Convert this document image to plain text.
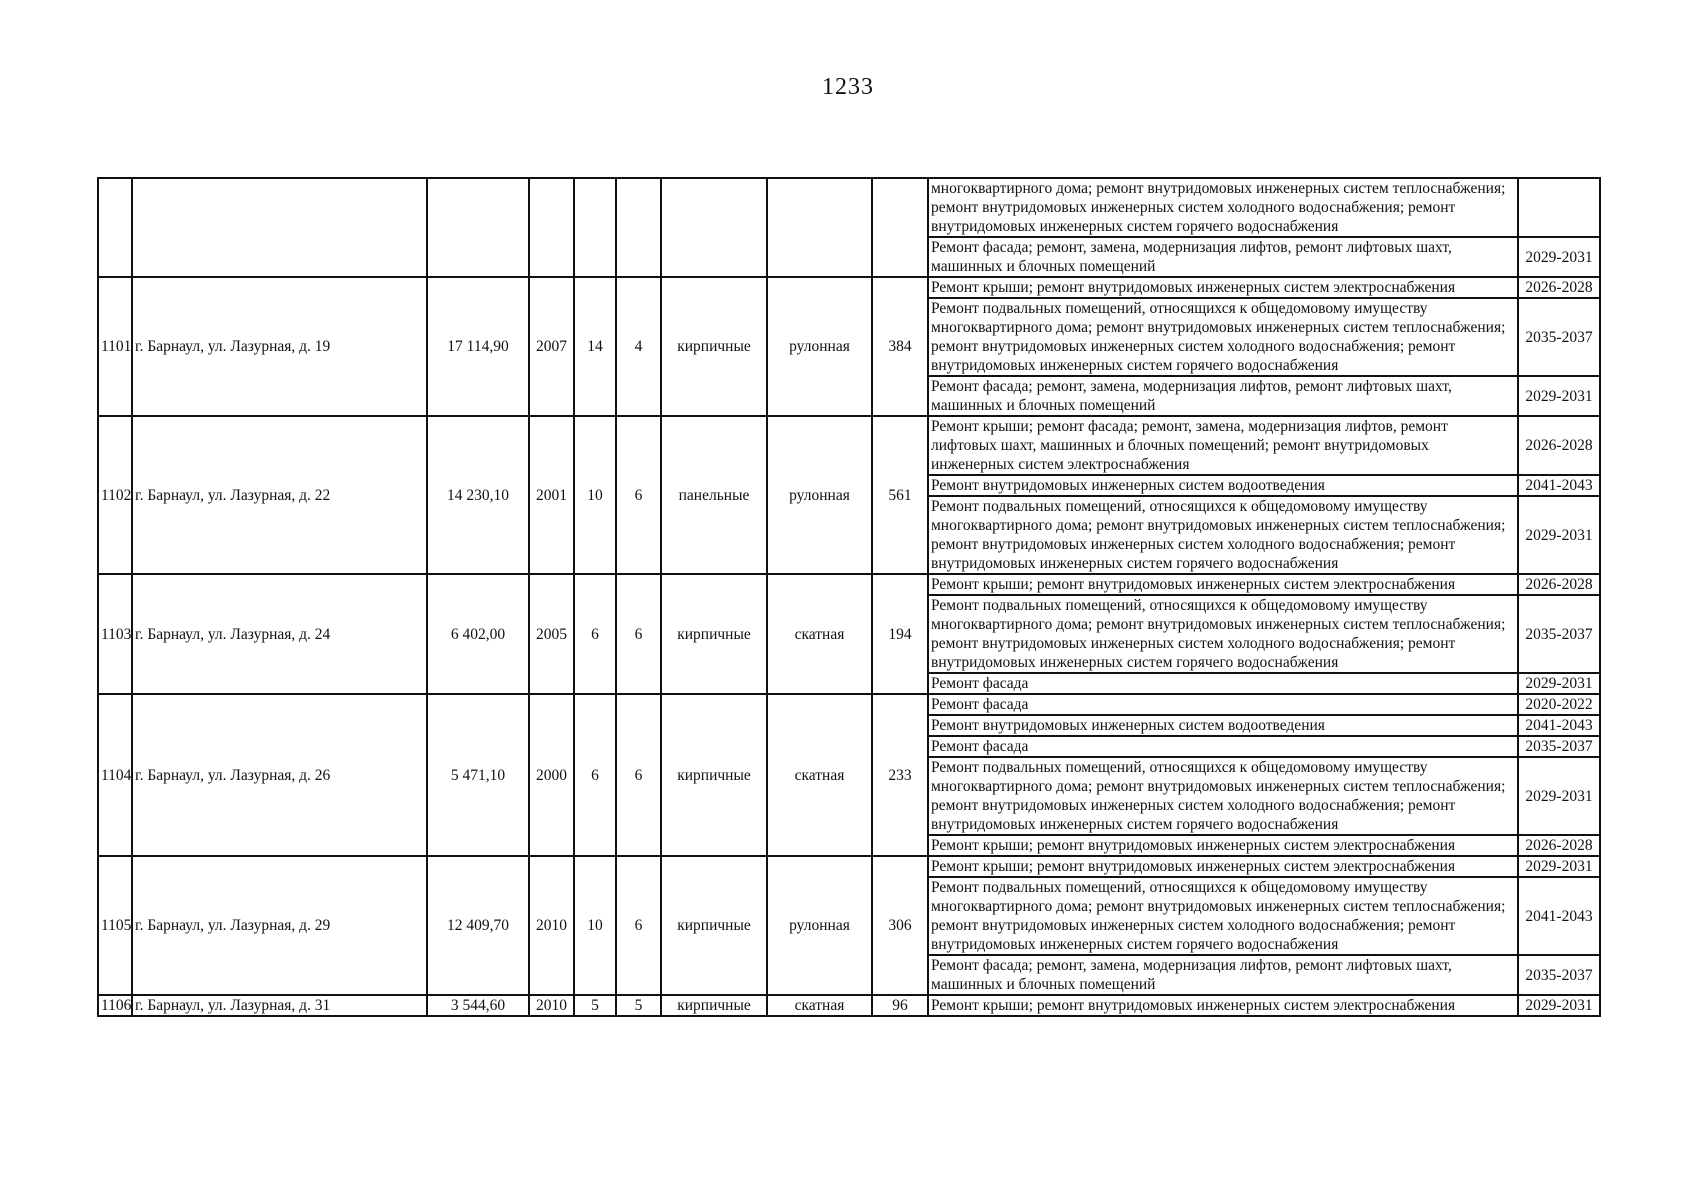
1233
									многоквартирного дома; ремонт внутридомовых инженерных систем теплоснабжения; ремонт внутридомовых инженерных систем холодного водоснабжения; ремонт внутридомовых инженерных систем горячего водоснабжения	
									Ремонт фасада; ремонт, замена, модернизация лифтов, ремонт лифтовых шахт, машинных и блочных помещений	2029-2031
1101	г. Барнаул, ул. Лазурная, д. 19	17 114,90	2007	14	4	кирпичные	рулонная	384	Ремонт крыши; ремонт внутридомовых инженерных систем электроснабжения	2026-2028
									Ремонт подвальных помещений, относящихся к общедомовому имуществу многоквартирного дома; ремонт внутридомовых инженерных систем теплоснабжения; ремонт внутридомовых инженерных систем холодного водоснабжения; ремонт внутридомовых инженерных систем горячего водоснабжения	2035-2037
									Ремонт фасада; ремонт, замена, модернизация лифтов, ремонт лифтовых шахт, машинных и блочных помещений	2029-2031
1102	г. Барнаул, ул. Лазурная, д. 22	14 230,10	2001	10	6	панельные	рулонная	561	Ремонт крыши; ремонт фасада; ремонт, замена, модернизация лифтов, ремонт лифтовых шахт, машинных и блочных помещений; ремонт внутридомовых инженерных систем электроснабжения	2026-2028
									Ремонт внутридомовых инженерных систем водоотведения	2041-2043
									Ремонт подвальных помещений, относящихся к общедомовому имуществу многоквартирного дома; ремонт внутридомовых инженерных систем теплоснабжения; ремонт внутридомовых инженерных систем холодного водоснабжения; ремонт внутридомовых инженерных систем горячего водоснабжения	2029-2031
1103	г. Барнаул, ул. Лазурная, д. 24	6 402,00	2005	6	6	кирпичные	скатная	194	Ремонт крыши; ремонт внутридомовых инженерных систем электроснабжения	2026-2028
									Ремонт подвальных помещений, относящихся к общедомовому имуществу многоквартирного дома; ремонт внутридомовых инженерных систем теплоснабжения; ремонт внутридомовых инженерных систем холодного водоснабжения; ремонт внутридомовых инженерных систем горячего водоснабжения	2035-2037
									Ремонт фасада	2029-2031
1104	г. Барнаул, ул. Лазурная, д. 26	5 471,10	2000	6	6	кирпичные	скатная	233	Ремонт фасада	2020-2022
									Ремонт внутридомовых инженерных систем водоотведения	2041-2043
									Ремонт фасада	2035-2037
									Ремонт подвальных помещений, относящихся к общедомовому имуществу многоквартирного дома; ремонт внутридомовых инженерных систем теплоснабжения; ремонт внутридомовых инженерных систем холодного водоснабжения; ремонт внутридомовых инженерных систем горячего водоснабжения	2029-2031
									Ремонт крыши; ремонт внутридомовых инженерных систем электроснабжения	2026-2028
1105	г. Барнаул, ул. Лазурная, д. 29	12 409,70	2010	10	6	кирпичные	рулонная	306	Ремонт крыши; ремонт внутридомовых инженерных систем электроснабжения	2029-2031
									Ремонт подвальных помещений, относящихся к общедомовому имуществу многоквартирного дома; ремонт внутридомовых инженерных систем теплоснабжения; ремонт внутридомовых инженерных систем холодного водоснабжения; ремонт внутридомовых инженерных систем горячего водоснабжения	2041-2043
									Ремонт фасада; ремонт, замена, модернизация лифтов, ремонт лифтовых шахт, машинных и блочных помещений	2035-2037
1106	г. Барнаул, ул. Лазурная, д. 31	3 544,60	2010	5	5	кирпичные	скатная	96	Ремонт крыши; ремонт внутридомовых инженерных систем электроснабжения	2029-2031
